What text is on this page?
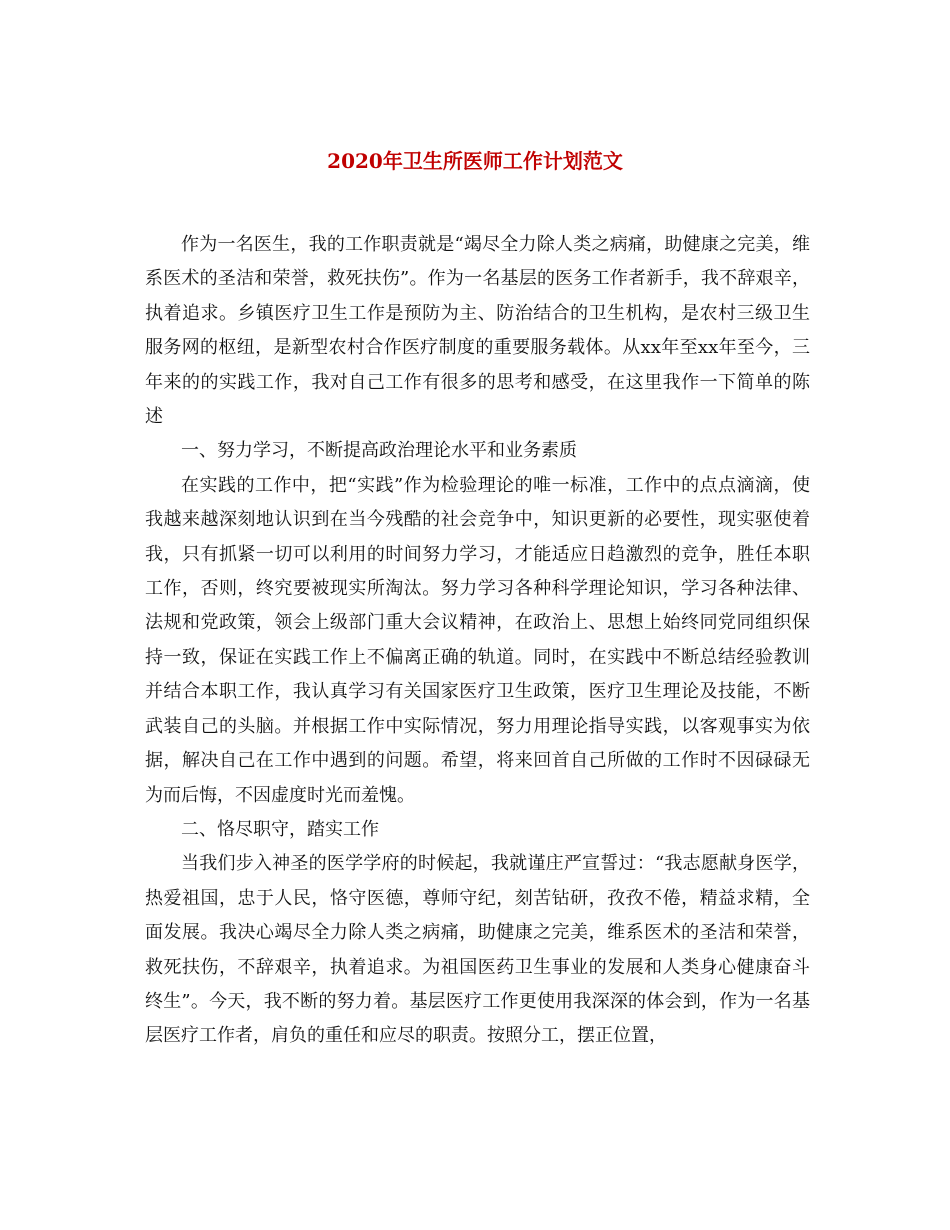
2020年卫生所医师工作计划范文

作为一名医生，我的工作职责就是“竭尽全力除人类之病痛，助健康之完美，维系医术的圣洁和荣誉，救死扶伤”。作为一名基层的医务工作者新手，我不辞艰辛，执着追求。乡镇医疗卫生工作是预防为主、防治结合的卫生机构，是农村三级卫生服务网的枢纽，是新型农村合作医疗制度的重要服务载体。从xx年至xx年至今，三年来的的实践工作，我对自己工作有很多的思考和感受，在这里我作一下简单的陈述

一、努力学习，不断提高政治理论水平和业务素质

在实践的工作中，把“实践”作为检验理论的唯一标准，工作中的点点滴滴，使我越来越深刻地认识到在当今残酷的社会竞争中，知识更新的必要性，现实驱使着我，只有抓紧一切可以利用的时间努力学习，才能适应日趋激烈的竞争，胜任本职工作，否则，终究要被现实所淘汰。努力学习各种科学理论知识，学习各种法律、法规和党政策，领会上级部门重大会议精神，在政治上、思想上始终同党同组织保持一致，保证在实践工作上不偏离正确的轨道。同时，在实践中不断总结经验教训并结合本职工作，我认真学习有关国家医疗卫生政策，医疗卫生理论及技能，不断武装自己的头脑。并根据工作中实际情况，努力用理论指导实践，以客观事实为依据，解决自己在工作中遇到的问题。希望，将来回首自己所做的工作时不因碌碌无为而后悔，不因虚度时光而羞愧。

二、恪尽职守，踏实工作

当我们步入神圣的医学学府的时候起，我就谨庄严宣誓过：“我志愿献身医学，热爱祖国，忠于人民，恪守医德，尊师守纪，刻苦钻研，孜孜不倦，精益求精，全面发展。我决心竭尽全力除人类之病痛，助健康之完美，维系医术的圣洁和荣誉，救死扶伤，不辞艰辛，执着追求。为祖国医药卫生事业的发展和人类身心健康奋斗终生”。今天，我不断的努力着。基层医疗工作更使用我深深的体会到，作为一名基层医疗工作者，肩负的重任和应尽的职责。按照分工，摆正位置，
